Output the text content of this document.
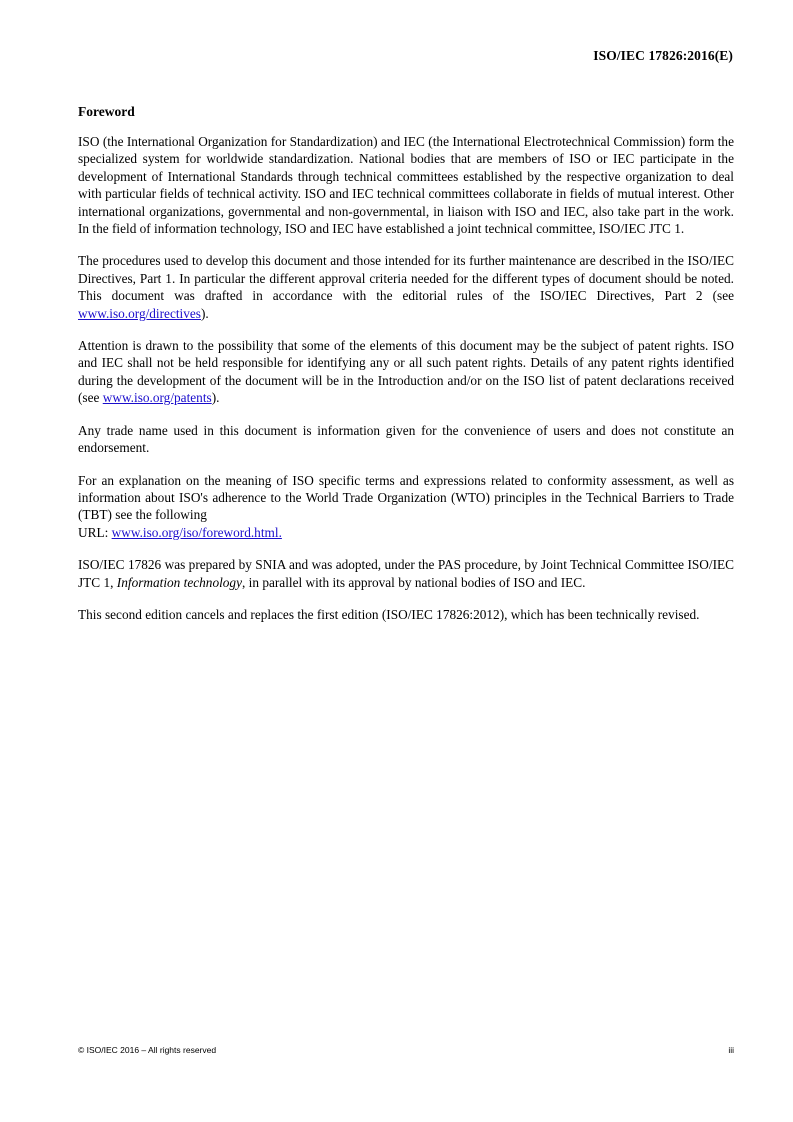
ISO/IEC 17826:2016(E)
Foreword

ISO (the International Organization for Standardization) and IEC (the International Electrotechnical Commission) form the specialized system for worldwide standardization. National bodies that are members of ISO or IEC participate in the development of International Standards through technical committees established by the respective organization to deal with particular fields of technical activity. ISO and IEC technical committees collaborate in fields of mutual interest. Other international organizations, governmental and non-governmental, in liaison with ISO and IEC, also take part in the work. In the field of information technology, ISO and IEC have established a joint technical committee, ISO/IEC JTC 1.

The procedures used to develop this document and those intended for its further maintenance are described in the ISO/IEC Directives, Part 1. In particular the different approval criteria needed for the different types of document should be noted. This document was drafted in accordance with the editorial rules of the ISO/IEC Directives, Part 2 (see www.iso.org/directives).

Attention is drawn to the possibility that some of the elements of this document may be the subject of patent rights. ISO and IEC shall not be held responsible for identifying any or all such patent rights. Details of any patent rights identified during the development of the document will be in the Introduction and/or on the ISO list of patent declarations received (see www.iso.org/patents).

Any trade name used in this document is information given for the convenience of users and does not constitute an endorsement.

For an explanation on the meaning of ISO specific terms and expressions related to conformity assessment, as well as information about ISO's adherence to the World Trade Organization (WTO) principles in the Technical Barriers to Trade (TBT) see the following
URL: www.iso.org/iso/foreword.html.

ISO/IEC 17826 was prepared by SNIA and was adopted, under the PAS procedure, by Joint Technical Committee ISO/IEC JTC 1, Information technology, in parallel with its approval by national bodies of ISO and IEC.

This second edition cancels and replaces the first edition (ISO/IEC 17826:2012), which has been technically revised.

© ISO/IEC 2016 – All rights reserved	iii
